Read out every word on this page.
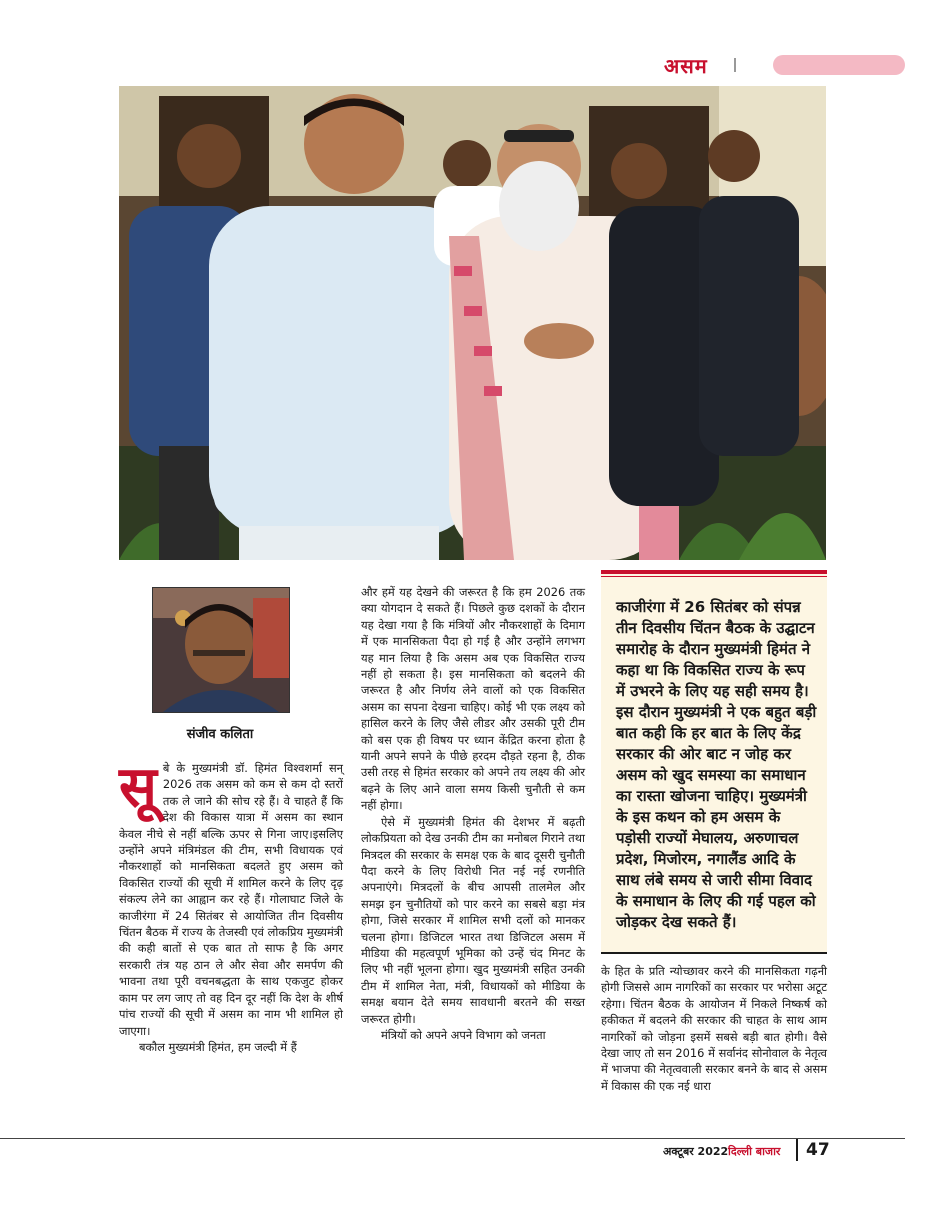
असम
संजीव कलिता
सू बे के मुख्यमंत्री डॉ. हिमंत विश्वशर्मा सन् 2026 तक असम को कम से कम दो स्तरों तक ले जाने की सोच रहे हैं। वे चाहते हैं कि देश की विकास यात्रा में असम का स्थान केवल नीचे से नहीं बल्कि ऊपर से गिना जाए।इसलिए उन्होंने अपने मंत्रिमंडल की टीम, सभी विधायक एवं नौकरशाहों को मानसिकता बदलते हुए असम को विकसित राज्यों की सूची में शामिल करने के लिए दृढ़ संकल्प लेने का आह्वान कर रहे हैं। गोलाघाट जिले के काजीरंगा में 24 सितंबर से आयोजित तीन दिवसीय चिंतन बैठक में राज्य के तेजस्वी एवं लोकप्रिय मुख्यमंत्री की कही बातों से एक बात तो साफ है कि अगर सरकारी तंत्र यह ठान ले और सेवा और समर्पण की भावना तथा पूरी वचनबद्धता के साथ एकजुट होकर काम पर लग जाए तो वह दिन दूर नहीं कि देश के शीर्ष पांच राज्यों की सूची में असम का नाम भी शामिल हो जाएगा।

बकौल मुख्यमंत्री हिमंत, हम जल्दी में हैं

और हमें यह देखने की जरूरत है कि हम 2026 तक क्या योगदान दे सकते हैं। पिछले कुछ दशकों के दौरान यह देखा गया है कि मंत्रियों और नौकरशाहों के दिमाग में एक मानसिकता पैदा हो गई है और उन्होंने लगभग यह मान लिया है कि असम अब एक विकसित राज्य नहीं हो सकता है। इस मानसिकता को बदलने की जरूरत है और निर्णय लेने वालों को एक विकसित असम का सपना देखना चाहिए। कोई भी एक लक्ष्य को हासिल करने के लिए जैसे लीडर और उसकी पूरी टीम को बस एक ही विषय पर ध्यान केंद्रित करना होता है यानी अपने सपने के पीछे हरदम दौड़ते रहना है, ठीक उसी तरह से हिमंत सरकार को अपने तय लक्ष्य की ओर बढ़ने के लिए आने वाला समय किसी चुनौती से कम नहीं होगा।

ऐसे में मुख्यमंत्री हिमंत की देशभर में बढ़ती लोकप्रियता को देख उनकी टीम का मनोबल गिराने तथा मित्रदल की सरकार के समक्ष एक के बाद दूसरी चुनौती पैदा करने के लिए विरोधी नित नई नई रणनीति अपनाएंगे। मित्रदलों के बीच आपसी तालमेल और समझ इन चुनौतियों को पार करने का सबसे बड़ा मंत्र होगा, जिसे सरकार में शामिल सभी दलों को मानकर चलना होगा। डिजिटल भारत तथा डिजिटल असम में मीडिया की महत्वपूर्ण भूमिका को उन्हें चंद मिनट के लिए भी नहीं भूलना होगा। खुद मुख्यमंत्री सहित उनकी टीम में शामिल नेता, मंत्री, विधायकों को मीडिया के समक्ष बयान देते समय सावधानी बरतने की सख्त जरूरत होगी।

मंत्रियों को अपने अपने विभाग को जनता

काजीरंगा में 26 सितंबर को संपन्न तीन दिवसीय चिंतन बैठक के उद्घाटन समारोह के दौरान मुख्यमंत्री हिमंत ने कहा था कि विकसित राज्य के रूप में उभरने के लिए यह सही समय है। इस दौरान मुख्यमंत्री ने एक बहुत बड़ी बात कही कि हर बात के लिए केंद्र सरकार की ओर बाट न जोह कर असम को खुद समस्या का समाधान का रास्ता खोजना चाहिए। मुख्यमंत्री के इस कथन को हम असम के पड़ोसी राज्यों मेघालय, अरुणाचल प्रदेश, मिजोरम, नगालैंड आदि के साथ लंबे समय से जारी सीमा विवाद के समाधान के लिए की गई पहल को जोड़कर देख सकते हैं।

के हित के प्रति न्योच्छावर करने की मानसिकता गढ़नी होगी जिससे आम नागरिकों का सरकार पर भरोसा अटूट रहेगा। चिंतन बैठक के आयोजन में निकले निष्कर्ष को हकीकत में बदलने की सरकार की चाहत के साथ आम नागरिकों को जोड़ना इसमें सबसे बड़ी बात होगी। वैसे देखा जाए तो सन 2016 में सर्वानंद सोनोवाल के नेतृत्व में भाजपा की नेतृत्ववाली सरकार बनने के बाद से असम में विकास की एक नई धारा

अक्टूबर 2022 दिल्ली बाजार 47
